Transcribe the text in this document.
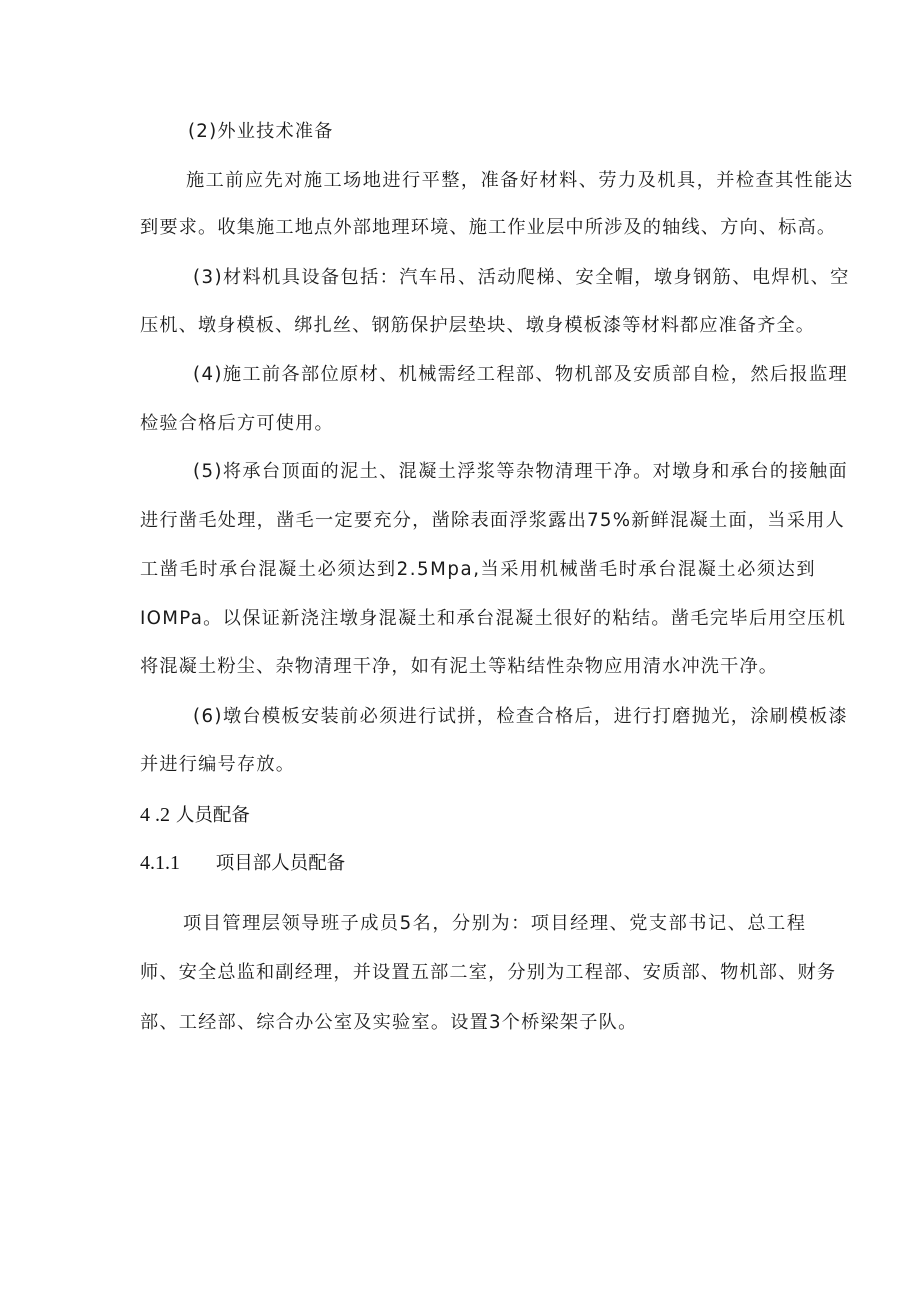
(2)外业技术准备
施工前应先对施工场地进行平整，准备好材料、劳力及机具，并检查其性能达
到要求。收集施工地点外部地理环境、施工作业层中所涉及的轴线、方向、标高。
(3)材料机具设备包括：汽车吊、活动爬梯、安全帽，墩身钢筋、电焊机、空
压机、墩身模板、绑扎丝、钢筋保护层垫块、墩身模板漆等材料都应准备齐全。
(4)施工前各部位原材、机械需经工程部、物机部及安质部自检，然后报监理
检验合格后方可使用。
(5)将承台顶面的泥土、混凝土浮浆等杂物清理干净。对墩身和承台的接触面
进行凿毛处理，凿毛一定要充分，凿除表面浮浆露出75%新鲜混凝土面，当采用人
工凿毛时承台混凝土必须达到2.5Mpa,当采用机械凿毛时承台混凝土必须达到
IOMPa。以保证新浇注墩身混凝土和承台混凝土很好的粘结。凿毛完毕后用空压机
将混凝土粉尘、杂物清理干净，如有泥土等粘结性杂物应用清水冲洗干净。
(6)墩台模板安装前必须进行试拼，检查合格后，进行打磨抛光，涂刷模板漆
并进行编号存放。
4 .2 人员配备
4.1.1 项目部人员配备
项目管理层领导班子成员5名，分别为：项目经理、党支部书记、总工程
师、安全总监和副经理，并设置五部二室，分别为工程部、安质部、物机部、财务
部、工经部、综合办公室及实验室。设置3个桥梁架子队。
